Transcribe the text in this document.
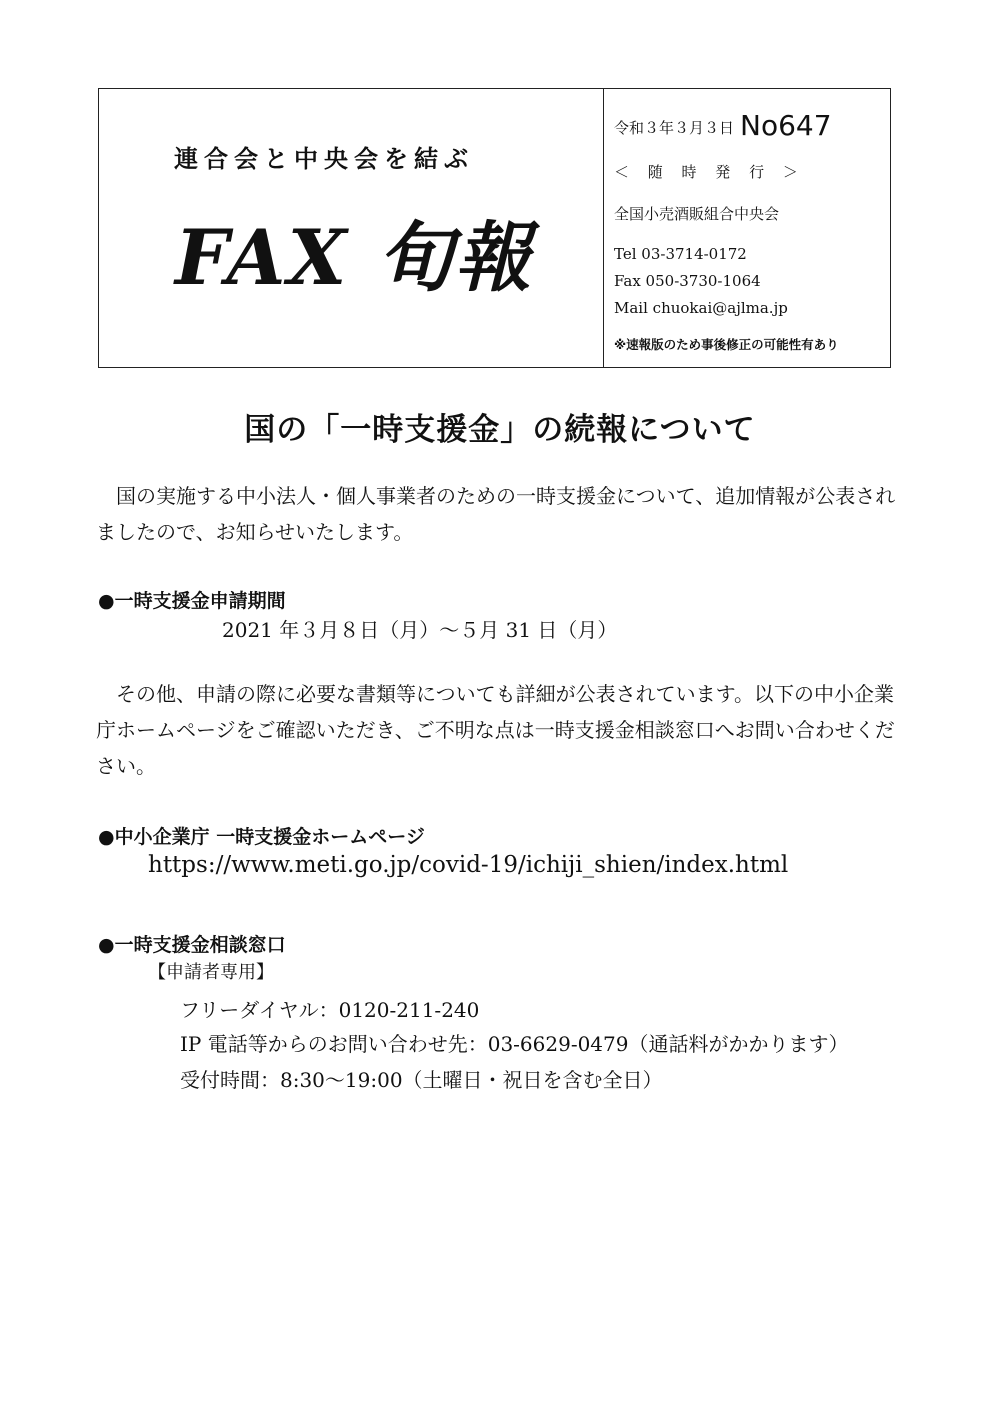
連合会と中央会を結ぶ
FAX 旬報
令和３年３月３日 No647
＜ 随 時 発 行 ＞
全国小売酒販組合中央会
Tel 03-3714-0172
Fax 050-3730-1064
Mail chuokai@ajlma.jp
※速報版のため事後修正の可能性有あり
国の「一時支援金」の続報について
国の実施する中小法人・個人事業者のための一時支援金について、追加情報が公表されましたので、お知らせいたします。
●一時支援金申請期間
2021 年３月８日（月）～５月 31 日（月）
その他、申請の際に必要な書類等についても詳細が公表されています。以下の中小企業庁ホームページをご確認いただき、ご不明な点は一時支援金相談窓口へお問い合わせください。
●中小企業庁 一時支援金ホームページ
https://www.meti.go.jp/covid-19/ichiji_shien/index.html
●一時支援金相談窓口
【申請者専用】
フリーダイヤル：0120-211-240
IP 電話等からのお問い合わせ先：03-6629-0479（通話料がかかります）
受付時間：8:30～19:00（土曜日・祝日を含む全日）
